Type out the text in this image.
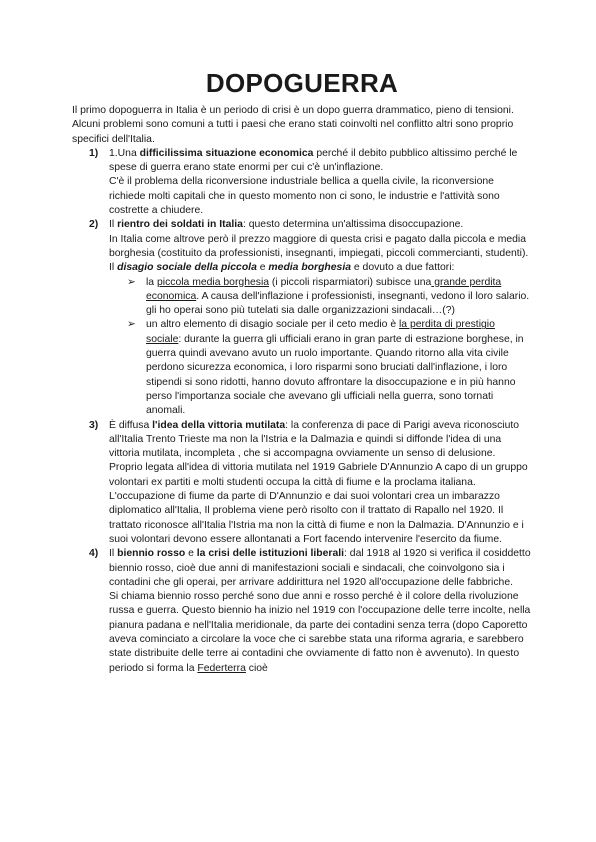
DOPOGUERRA

Il primo dopoguerra in Italia è un periodo di crisi è un dopo guerra drammatico, pieno di tensioni.

Alcuni problemi sono comuni a tutti i paesi che erano stati coinvolti nel conflitto altri sono proprio specifici dell'Italia.

1) 1.Una difficilissima situazione economica perché il debito pubblico altissimo perché le spese di guerra erano state enormi per cui c'è un'inflazione.

C'è il problema della riconversione industriale bellica a quella civile, la riconversione richiede molti capitali che in questo momento non ci sono, le industrie e l'attività sono costrette a chiudere.

2) Il rientro dei soldati in Italia: questo determina un'altissima disoccupazione.

In Italia come altrove però il prezzo maggiore di questa crisi e pagato dalla piccola e media borghesia (costituito da professionisti, insegnanti, impiegati, piccoli commercianti, studenti).

Il disagio sociale della piccola e media borghesia e dovuto a due fattori:

➢ la piccola media borghesia (i piccoli risparmiatori) subisce una grande perdita economica. A causa dell'inflazione i professionisti, insegnanti, vedono il loro salario. gli ho operai sono più tutelati sia dalle organizzazioni sindacali…(?)

➢ un altro elemento di disagio sociale per il ceto medio è la perdita di prestigio sociale: durante la guerra gli ufficiali erano in gran parte di estrazione borghese, in guerra quindi avevano avuto un ruolo importante. Quando ritorno alla vita civile perdono sicurezza economica, i loro risparmi sono bruciati dall'inflazione, i loro stipendi si sono ridotti, hanno dovuto affrontare la disoccupazione e in più hanno perso l'importanza sociale che avevano gli ufficiali nella guerra, sono tornati anomali.

3) È diffusa l'idea della vittoria mutilata: la conferenza di pace di Parigi aveva riconosciuto all'Italia Trento Trieste ma non la l'Istria e la Dalmazia e quindi si diffonde l'idea di una vittoria mutilata, incompleta , che si accompagna ovviamente un senso di delusione.

Proprio legata all'idea di vittoria mutilata nel 1919 Gabriele D'Annunzio A capo di un gruppo volontari ex partiti e molti studenti occupa la città di fiume e la proclama italiana. L'occupazione di fiume da parte di D'Annunzio e dai suoi volontari crea un imbarazzo diplomatico all'Italia, Il problema viene però risolto con il trattato di Rapallo nel 1920. Il trattato riconosce all'Italia l'Istria ma non la città di fiume e non la Dalmazia. D'Annunzio e i suoi volontari devono essere allontanati a Fort facendo intervenire l'esercito da fiume.

4) Il biennio rosso e la crisi delle istituzioni liberali: dal 1918 al 1920 si verifica il cosiddetto biennio rosso, cioè due anni di manifestazioni sociali e sindacali, che coinvolgono sia i contadini che gli operai, per arrivare addirittura nel 1920 all'occupazione delle fabbriche.

Si chiama biennio rosso perché sono due anni e rosso perché è il colore della rivoluzione russa e guerra. Questo biennio ha inizio nel 1919 con l'occupazione delle terre incolte, nella pianura padana e nell'Italia meridionale, da parte dei contadini senza terra (dopo Caporetto aveva cominciato a circolare la voce che ci sarebbe stata una riforma agraria, e sarebbero state distribuite delle terre ai contadini che ovviamente di fatto non è avvenuto). In questo periodo si forma la Federterra cioè
